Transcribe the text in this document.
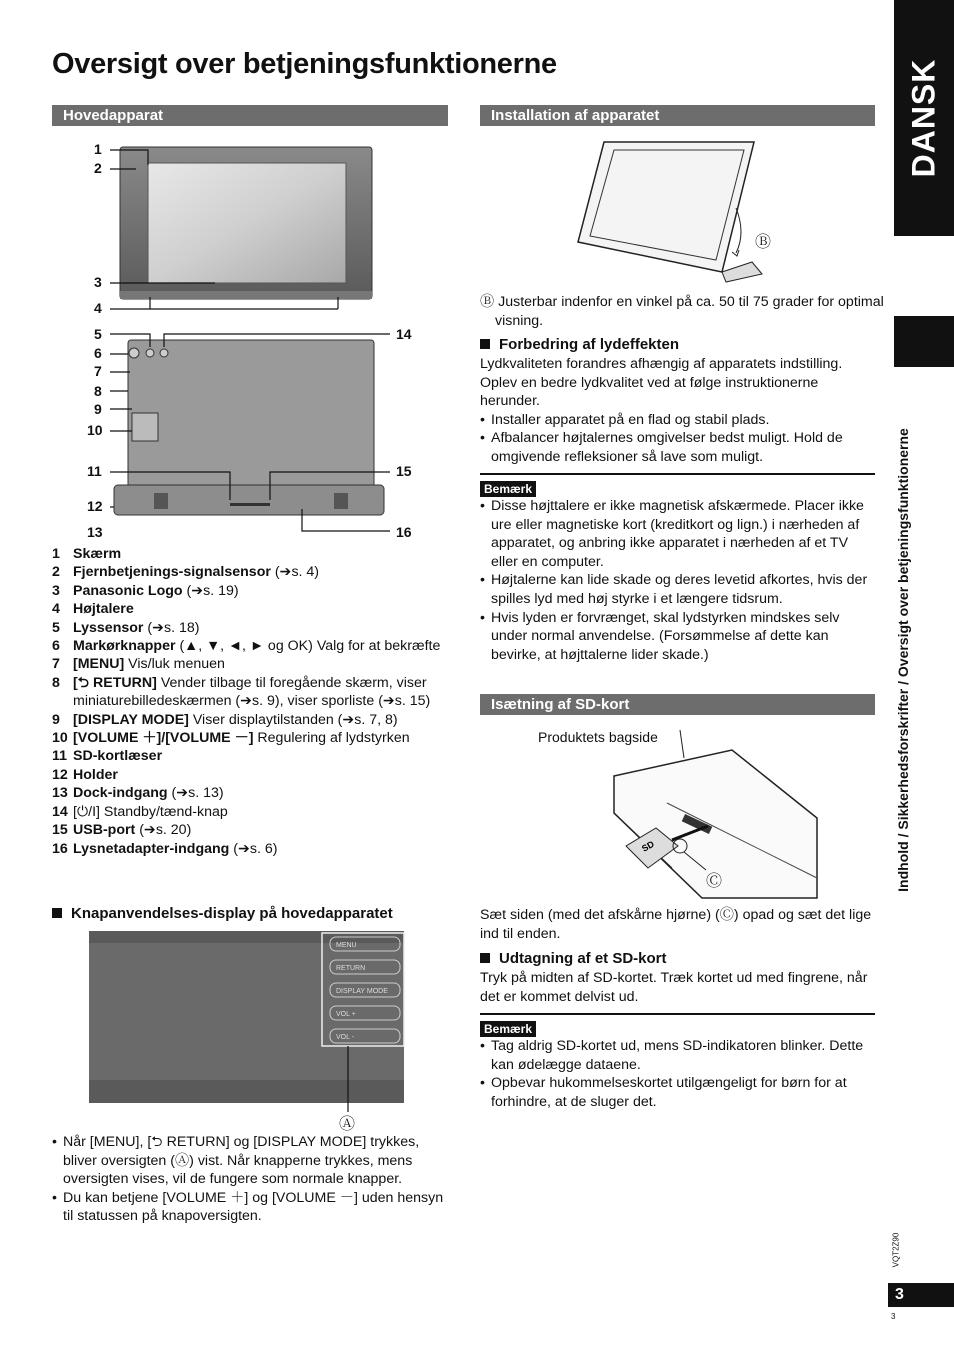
DANSK
Indhold / Sikkerhedsforskrifter / Oversigt over betjeningsfunktionerne
VQT2Z90
3
3
Oversigt over betjeningsfunktionerne
Hovedapparat	Installation af apparatet
Isætning af SD-kort
1
2
3
4
5
6
7
8
9
10
11
12
13
14
15
16
1 Skærm
2 Fjernbetjenings-signalsensor (➔s. 4)
3 Panasonic Logo (➔s. 19)
4 Højtalere
5 Lyssensor (➔s. 18)
6 Markørknapper (▲, ▼, ◄, ► og OK) Valg for at bekræfte
7 [MENU] Vis/luk menuen
8 [⮌ RETURN] Vender tilbage til foregående skærm, viser miniaturebilledeskærmen (➔s. 9), viser sporliste (➔s. 15)
9 [DISPLAY MODE] Viser displaytilstanden (➔s. 7, 8)
10 [VOLUME ＋]/[VOLUME －] Regulering af lydstyrken
11 SD-kortlæser
12 Holder
13 Dock-indgang (➔s. 13)
14 [⏻/I] Standby/tænd-knap
15 USB-port (➔s. 20)
16 Lysnetadapter-indgang (➔s. 6)
Knapanvendelses-display på hovedapparatet
MENU
RETURN
DISPLAY MODE
VOL +
VOL -
Ⓐ
• Når [MENU], [⮌ RETURN] og [DISPLAY MODE] trykkes, bliver oversigten (Ⓐ) vist. Når knapperne trykkes, mens oversigten vises, vil de fungere som normale knapper.
• Du kan betjene [VOLUME ＋] og [VOLUME －] uden hensyn til statussen på knapoversigten.
Ⓑ
Ⓑ Justerbar indenfor en vinkel på ca. 50 til 75 grader for optimal visning.
Forbedring af lydeffekten
Lydkvaliteten forandres afhængig af apparatets indstilling. Oplev en bedre lydkvalitet ved at følge instruktionerne herunder.
• Installer apparatet på en flad og stabil plads.
• Afbalancer højtalernes omgivelser bedst muligt. Hold de omgivende refleksioner så lave som muligt.
Bemærk
• Disse højttalere er ikke magnetisk afskærmede. Placer ikke ure eller magnetiske kort (kreditkort og lign.) i nærheden af apparatet, og anbring ikke apparatet i nærheden af et TV eller en computer.
• Højtalerne kan lide skade og deres levetid afkortes, hvis der spilles lyd med høj styrke i et længere tidsrum.
• Hvis lyden er forvrænget, skal lydstyrken mindskes selv under normal anvendelse. (Forsømmelse af dette kan bevirke, at højttalerne lider skade.)
Produktets bagside
SD
Ⓒ
Sæt siden (med det afskårne hjørne) (Ⓒ) opad og sæt det lige ind til enden.
Udtagning af et SD-kort
Tryk på midten af SD-kortet. Træk kortet ud med fingrene, når det er kommet delvist ud.
Bemærk
• Tag aldrig SD-kortet ud, mens SD-indikatoren blinker. Dette kan ødelægge dataene.
• Opbevar hukommelseskortet utilgængeligt for børn for at forhindre, at de sluger det.
